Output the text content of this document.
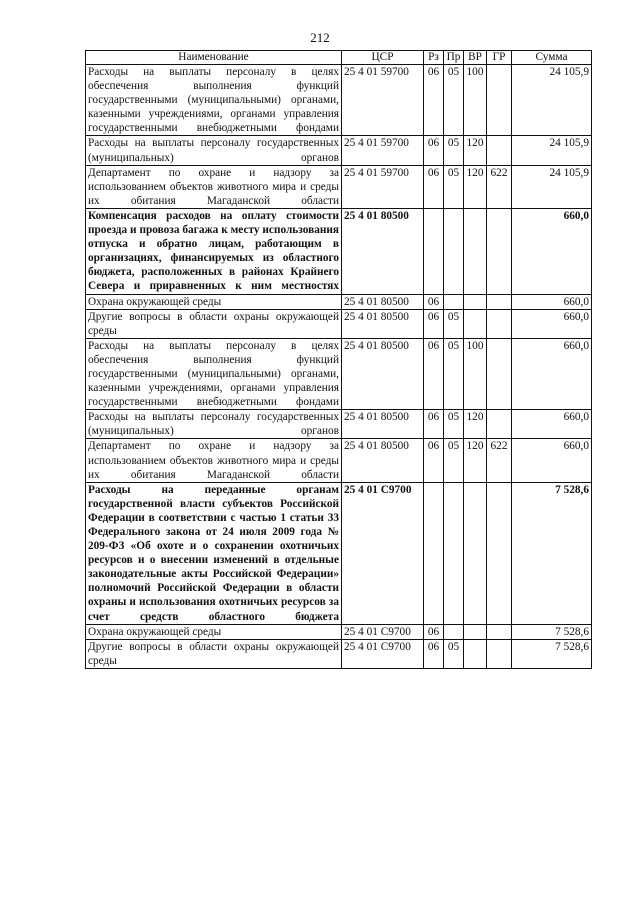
212
Наименование	ЦСР	Рз	Пр	ВР	ГР	Сумма
Расходы на выплаты персоналу в целях обеспечения выполнения функций государственными (муниципальными) органами, казенными учреждениями, органами управления государственными внебюджетными фондами	25 4 01 59700	06	05	100		24 105,9
Расходы на выплаты персоналу государственных (муниципальных) органов	25 4 01 59700	06	05	120		24 105,9
Департамент по охране и надзору за использованием объектов животного мира и среды их обитания Магаданской области	25 4 01 59700	06	05	120	622	24 105,9
Компенсация расходов на оплату стоимости проезда и провоза багажа к месту использования отпуска и обратно лицам, работающим в организациях, финансируемых из областного бюджета, расположенных в районах Крайнего Севера и приравненных к ним местностях	25 4 01 80500					660,0
Охрана окружающей среды	25 4 01 80500	06				660,0
Другие вопросы в области охраны окружающей среды	25 4 01 80500	06	05			660,0
Расходы на выплаты персоналу в целях обеспечения выполнения функций государственными (муниципальными) органами, казенными учреждениями, органами управления государственными внебюджетными фондами	25 4 01 80500	06	05	100		660,0
Расходы на выплаты персоналу государственных (муниципальных) органов	25 4 01 80500	06	05	120		660,0
Департамент по охране и надзору за использованием объектов животного мира и среды их обитания Магаданской области	25 4 01 80500	06	05	120	622	660,0
Расходы на переданные органам государственной власти субъектов Российской Федерации в соответствии с частью 1 статьи 33 Федерального закона от 24 июля 2009 года № 209-ФЗ «Об охоте и о сохранении охотничьих ресурсов и о внесении изменений в отдельные законодательные акты Российской Федерации» полномочий Российской Федерации в области охраны и использования охотничьих ресурсов за счет средств областного бюджета	25 4 01 С9700					7 528,6
Охрана окружающей среды	25 4 01 С9700	06				7 528,6
Другие вопросы в области охраны окружающей среды	25 4 01 С9700	06	05			7 528,6
